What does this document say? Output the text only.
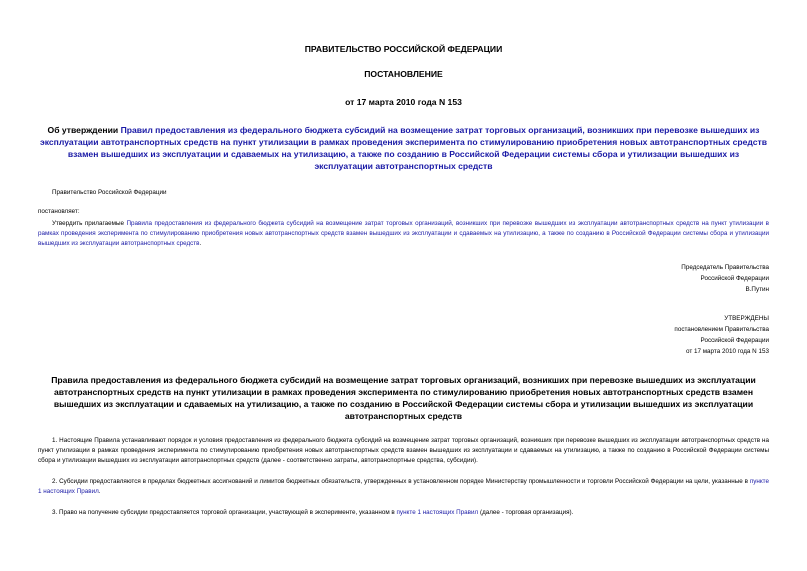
ПРАВИТЕЛЬСТВО РОССИЙСКОЙ ФЕДЕРАЦИИ
ПОСТАНОВЛЕНИЕ
от 17 марта 2010 года N 153
Об утверждении Правил предоставления из федерального бюджета субсидий на возмещение затрат торговых организаций, возникших при перевозке вышедших из эксплуатации автотранспортных средств на пункт утилизации в рамках проведения эксперимента по стимулированию приобретения новых автотранспортных средств взамен вышедших из эксплуатации и сдаваемых на утилизацию, а также по созданию в Российской Федерации системы сбора и утилизации вышедших из эксплуатации автотранспортных средств
Правительство Российской Федерации
постановляет:
Утвердить прилагаемые Правила предоставления из федерального бюджета субсидий на возмещение затрат торговых организаций, возникших при перевозке вышедших из эксплуатации автотранспортных средств на пункт утилизации в рамках проведения эксперимента по стимулированию приобретения новых автотранспортных средств взамен вышедших из эксплуатации и сдаваемых на утилизацию, а также по созданию в Российской Федерации системы сбора и утилизации вышедших из эксплуатации автотранспортных средств.
Председатель Правительства
Российской Федерации
В.Путин
УТВЕРЖДЕНЫ
постановлением Правительства
Российской Федерации
от 17 марта 2010 года N 153
Правила предоставления из федерального бюджета субсидий на возмещение затрат торговых организаций, возникших при перевозке вышедших из эксплуатации автотранспортных средств на пункт утилизации в рамках проведения эксперимента по стимулированию приобретения новых автотранспортных средств взамен вышедших из эксплуатации и сдаваемых на утилизацию, а также по созданию в Российской Федерации системы сбора и утилизации вышедших из эксплуатации автотранспортных средств
1. Настоящие Правила устанавливают порядок и условия предоставления из федерального бюджета субсидий на возмещение затрат торговых организаций, возникших при перевозке вышедших из эксплуатации автотранспортных средств на пункт утилизации в рамках проведения эксперимента по стимулированию приобретения новых автотранспортных средств взамен вышедших из эксплуатации и сдаваемых на утилизацию, а также по созданию в Российской Федерации системы сбора и утилизации вышедших из эксплуатации автотранспортных средств (далее - соответственно затраты, автотранспортные средства, субсидии).
2. Субсидии предоставляются в пределах бюджетных ассигнований и лимитов бюджетных обязательств, утвержденных в установленном порядке Министерству промышленности и торговли Российской Федерации на цели, указанные в пункте 1 настоящих Правил.
3. Право на получение субсидии предоставляется торговой организации, участвующей в эксперименте, указанном в пункте 1 настоящих Правил (далее - торговая организация).
